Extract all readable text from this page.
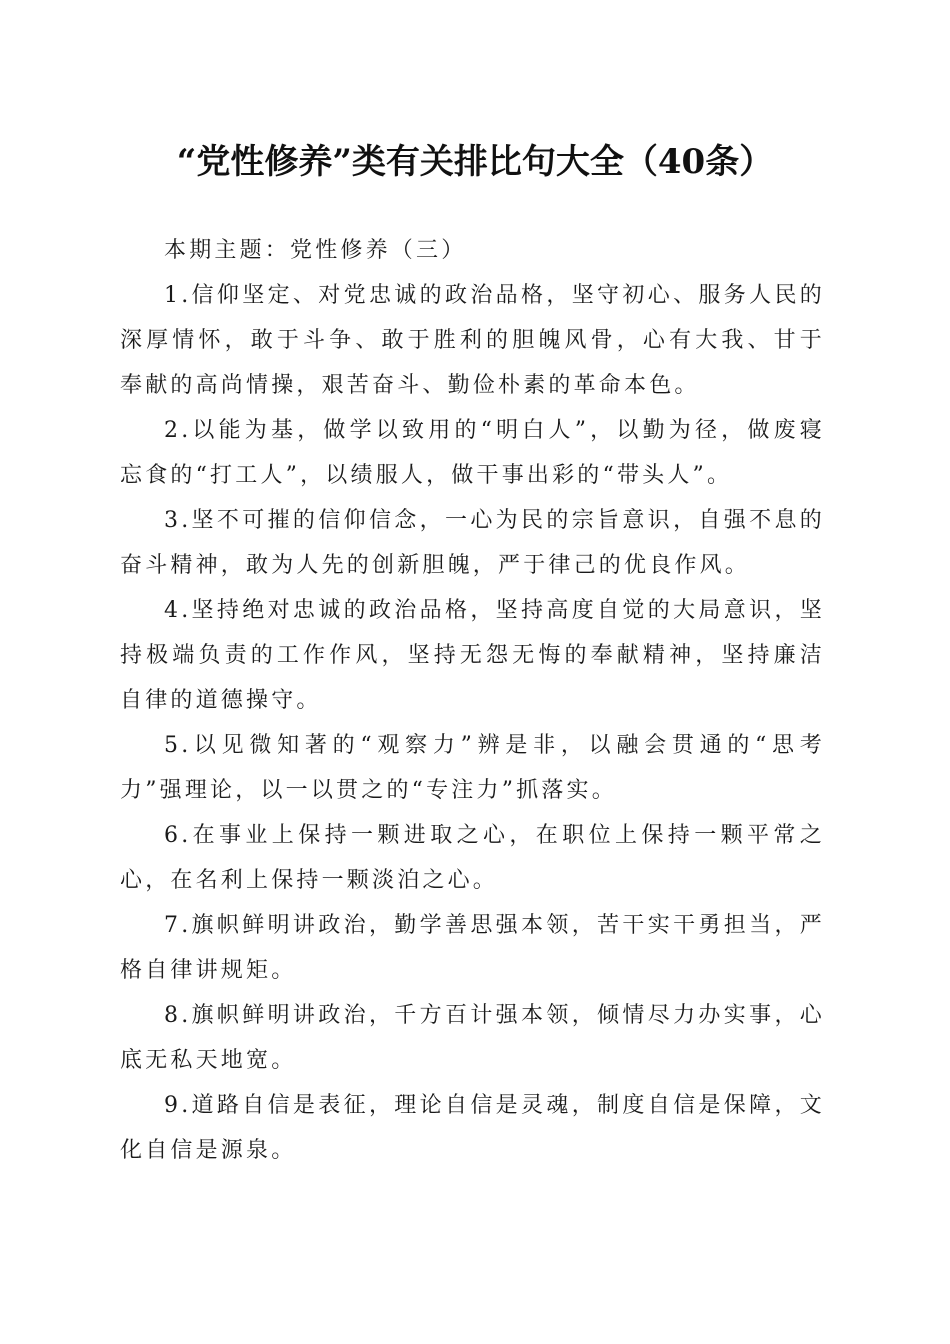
“党性修养”类有关排比句大全（40条）

本期主题：党性修养（三）

1.信仰坚定、对党忠诚的政治品格，坚守初心、服务人民的深厚情怀，敢于斗争、敢于胜利的胆魄风骨，心有大我、甘于奉献的高尚情操，艰苦奋斗、勤俭朴素的革命本色。

2.以能为基，做学以致用的“明白人”，以勤为径，做废寝忘食的“打工人”，以绩服人，做干事出彩的“带头人”。

3.坚不可摧的信仰信念，一心为民的宗旨意识，自强不息的奋斗精神，敢为人先的创新胆魄，严于律己的优良作风。

4.坚持绝对忠诚的政治品格，坚持高度自觉的大局意识，坚持极端负责的工作作风，坚持无怨无悔的奉献精神，坚持廉洁自律的道德操守。

5.以见微知著的“观察力”辨是非，以融会贯通的“思考力”强理论，以一以贯之的“专注力”抓落实。

6.在事业上保持一颗进取之心，在职位上保持一颗平常之心，在名利上保持一颗淡泊之心。

7.旗帜鲜明讲政治，勤学善思强本领，苦干实干勇担当，严格自律讲规矩。

8.旗帜鲜明讲政治，千方百计强本领，倾情尽力办实事，心底无私天地宽。

9.道路自信是表征，理论自信是灵魂，制度自信是保障，文化自信是源泉。
